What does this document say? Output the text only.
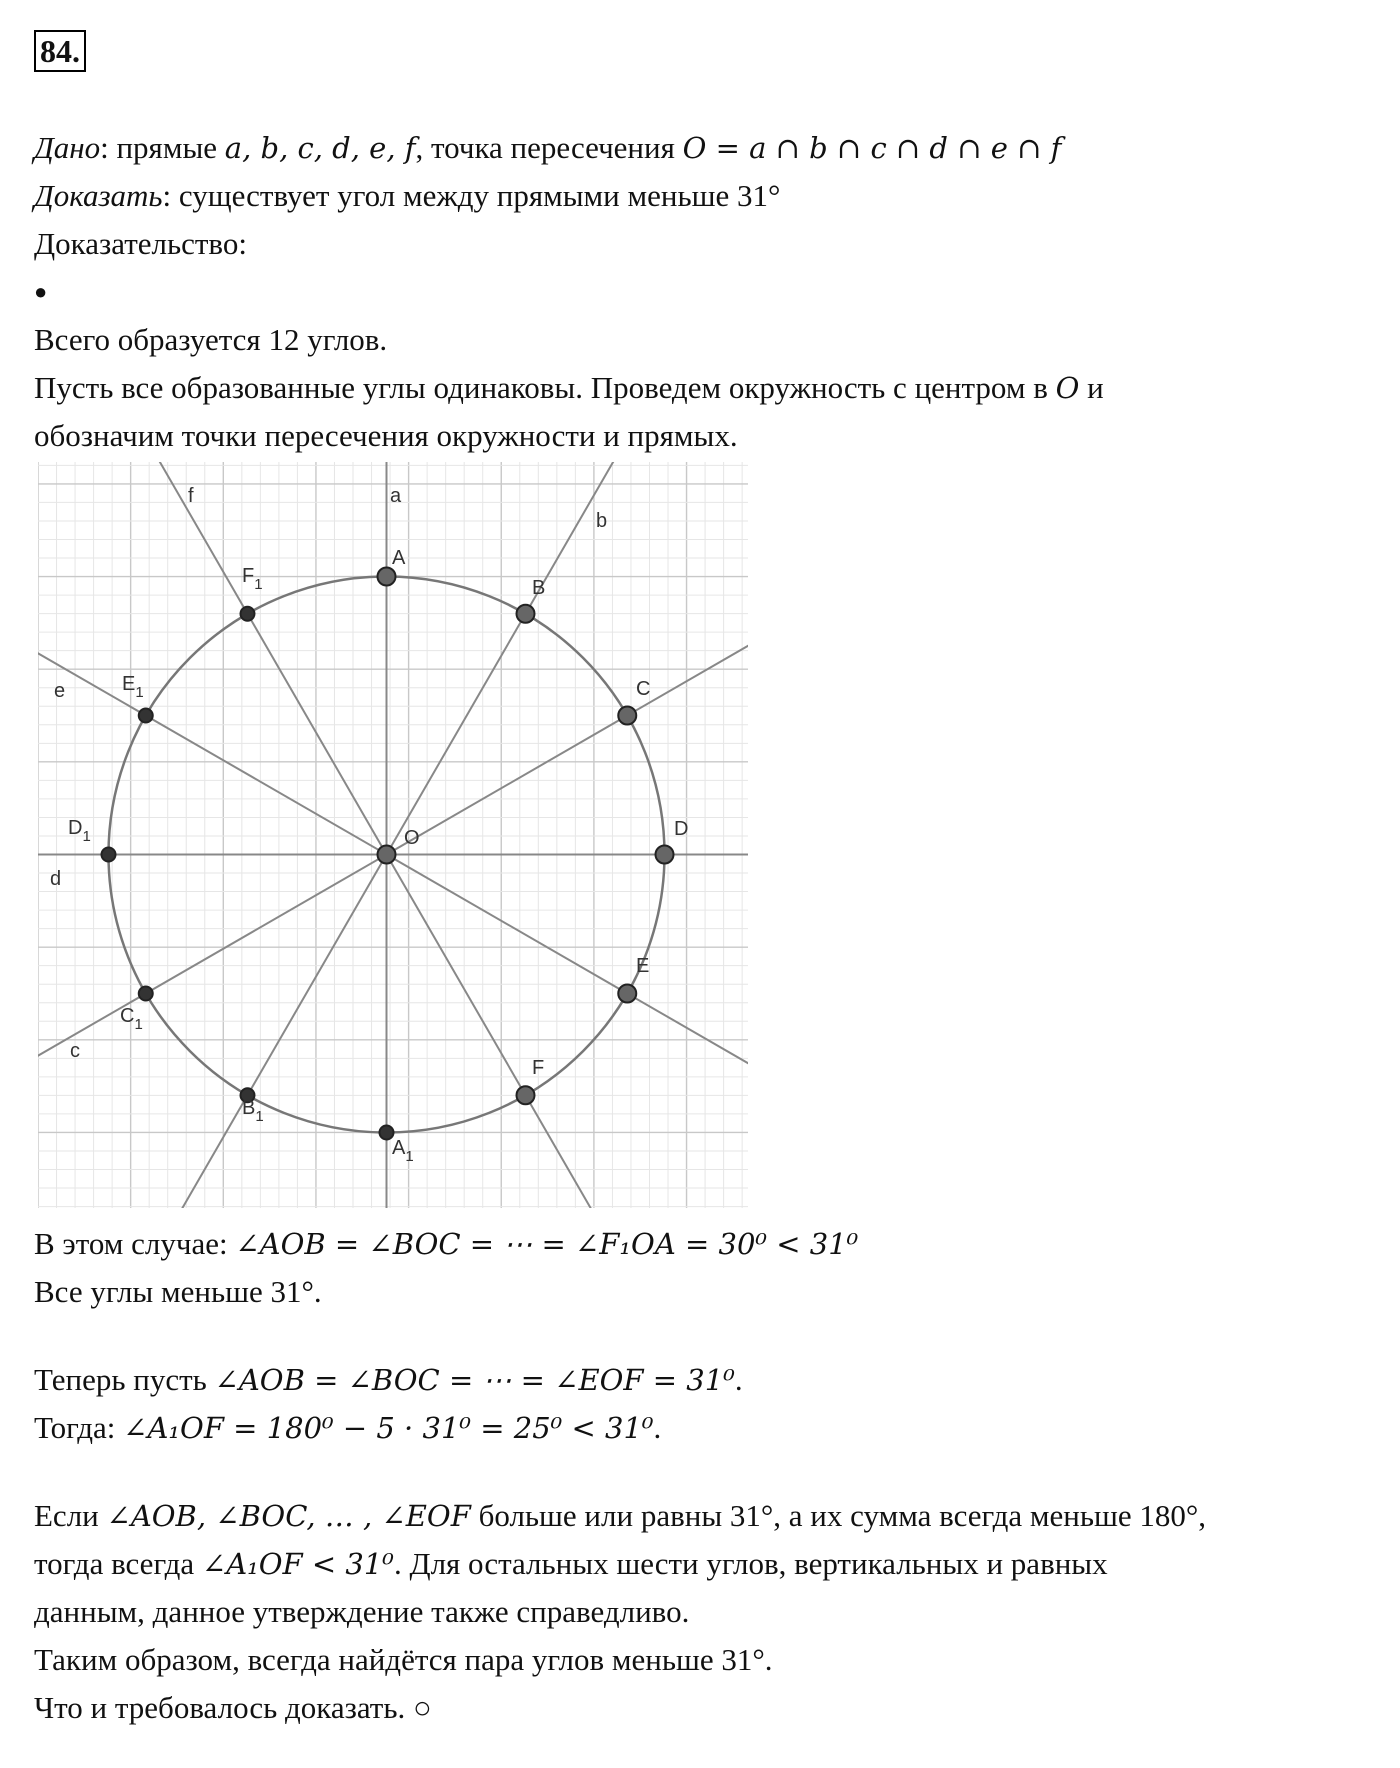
84.
Дано: прямые a, b, c, d, e, f, точка пересечения O = a ∩ b ∩ c ∩ d ∩ e ∩ f
Доказать: существует угол между прямыми меньше 31°
Доказательство:
●
Всего образуется 12 углов.
Пусть все образованные углы одинаковы. Проведем окружность с центром в O и
обозначим точки пересечения окружности и прямых.
a
b
c
d
e
f
O
A
B
C
D
E
F
$F_1$
$E_1$
$D_1$
$C_1$
$B_1$
$A_1$
В этом случае: ∠AOB = ∠BOC = ⋯ = ∠F₁OA = 30⁰ < 31⁰
Все углы меньше 31°.
Теперь пусть ∠AOB = ∠BOC = ⋯ = ∠EOF = 31⁰.
Тогда: ∠A₁OF = 180⁰ − 5 · 31⁰ = 25⁰ < 31⁰.
Если ∠AOB, ∠BOC, … , ∠EOF больше или равны 31°, а их сумма всегда меньше 180°,
тогда всегда ∠A₁OF < 31⁰. Для остальных шести углов, вертикальных и равных
данным, данное утверждение также справедливо.
Таким образом, всегда найдётся пара углов меньше 31°.
Что и требовалось доказать. ○
